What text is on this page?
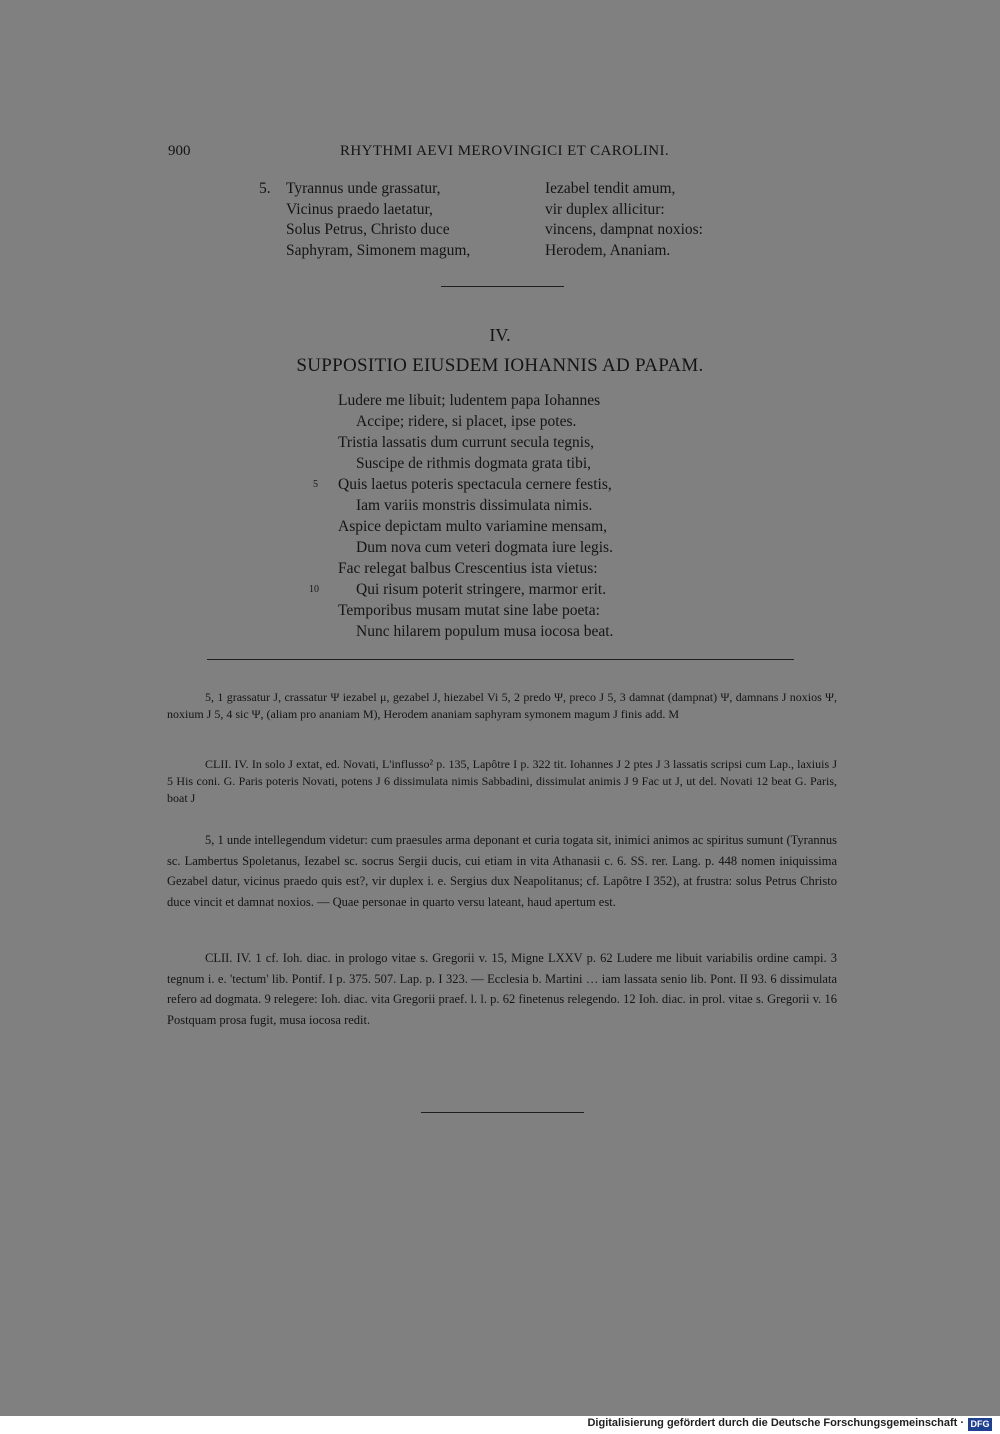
900	RHYTHMI AEVI MEROVINGICI ET CAROLINI.
5. Tyrannus unde grassatur,
Vicinus praedo laetatur,
Solus Petrus, Christo duce
Saphyram, Simonem magum,
Iezabel tendit amum,
vir duplex allicitur:
vincens, dampnat noxios:
Herodem, Ananiam.
IV.
SUPPOSITIO EIUSDEM IOHANNIS AD PAPAM.
Ludere me libuit; ludentem papa Iohannes
Accipe; ridere, si placet, ipse potes.
Tristia lassatis dum currunt secula tegnis,
Suscipe de rithmis dogmata grata tibi,
Quis laetus poteris spectacula cernere festis,
Iam variis monstris dissimulata nimis.
Aspice depictam multo variamine mensam,
Dum nova cum veteri dogmata iure legis.
Fac relegat balbus Crescentius ista vietus:
Qui risum poterit stringere, marmor erit.
Temporibus musam mutat sine labe poeta:
Nunc hilarem populum musa iocosa beat.
5
10
5, 1 grassatur J, crassatur Ψ iezabel μ, gezabel J, hiezabel Vi 5, 2 predo Ψ, preco J 5, 3 damnat (dampnat) Ψ, damnans J noxios Ψ, noxium J 5, 4 sic Ψ, (aliam pro ananiam M), Herodem ananiam saphyram symonem magum J finis add. M
CLII. IV. In solo J extat, ed. Novati, L'influsso² p. 135, Lapôtre I p. 322 tit. Iohannes J 2 ptes J 3 lassatis scripsi cum Lap., laxiuis J 5 His coni. G. Paris poteris Novati, potens J 6 dissimulata nimis Sabbadini, dissimulat animis J 9 Fac ut J, ut del. Novati 12 beat G. Paris, boat J
5, 1 unde intellegendum videtur: cum praesules arma deponant et curia togata sit, inimici animos ac spiritus sumunt (Tyrannus sc. Lambertus Spoletanus, Iezabel sc. socrus Sergii ducis, cui etiam in vita Athanasii c. 6. SS. rer. Lang. p. 448 nomen iniquissima Gezabel datur, vicinus praedo quis est?, vir duplex i. e. Sergius dux Neapolitanus; cf. Lapôtre I 352), at frustra: solus Petrus Christo duce vincit et damnat noxios. — Quae personae in quarto versu lateant, haud apertum est.
CLII. IV. 1 cf. Ioh. diac. in prologo vitae s. Gregorii v. 15, Migne LXXV p. 62 Ludere me libuit variabilis ordine campi. 3 tegnum i. e. 'tectum' lib. Pontif. I p. 375. 507. Lap. p. I 323. — Ecclesia b. Martini … iam lassata senio lib. Pont. II 93. 6 dissimulata refero ad dogmata. 9 relegere: Ioh. diac. vita Gregorii praef. l. l. p. 62 finetenus relegendo. 12 Ioh. diac. in prol. vitae s. Gregorii v. 16 Postquam prosa fugit, musa iocosa redit.
Digitalisierung gefördert durch die Deutsche Forschungsgemeinschaft · DFG
